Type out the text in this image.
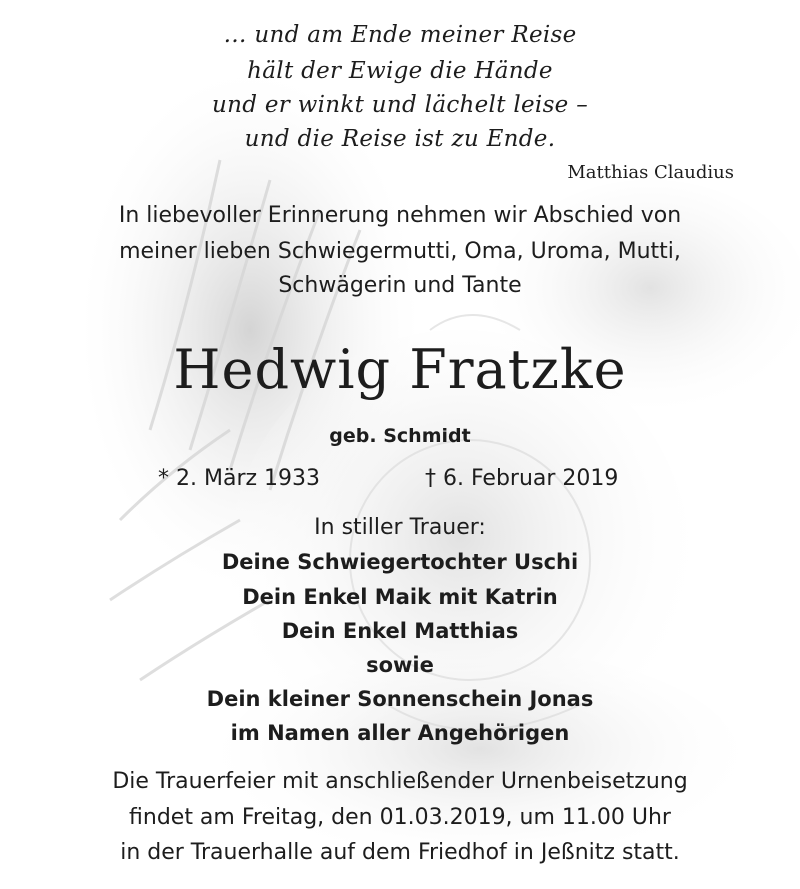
… und am Ende meiner Reise
hält der Ewige die Hände
und er winkt und lächelt leise –
und die Reise ist zu Ende.
Matthias Claudius
In liebevoller Erinnerung nehmen wir Abschied von
meiner lieben Schwiegermutti, Oma, Uroma, Mutti,
Schwägerin und Tante
Hedwig Fratzke
geb. Schmidt
* 2. März 1933	† 6. Februar 2019
In stiller Trauer:
Deine Schwiegertochter Uschi
Dein Enkel Maik mit Katrin
Dein Enkel Matthias
sowie
Dein kleiner Sonnenschein Jonas
im Namen aller Angehörigen
Die Trauerfeier mit anschließender Urnenbeisetzung
findet am Freitag, den 01.03.2019, um 11.00 Uhr
in der Trauerhalle auf dem Friedhof in Jeßnitz statt.
